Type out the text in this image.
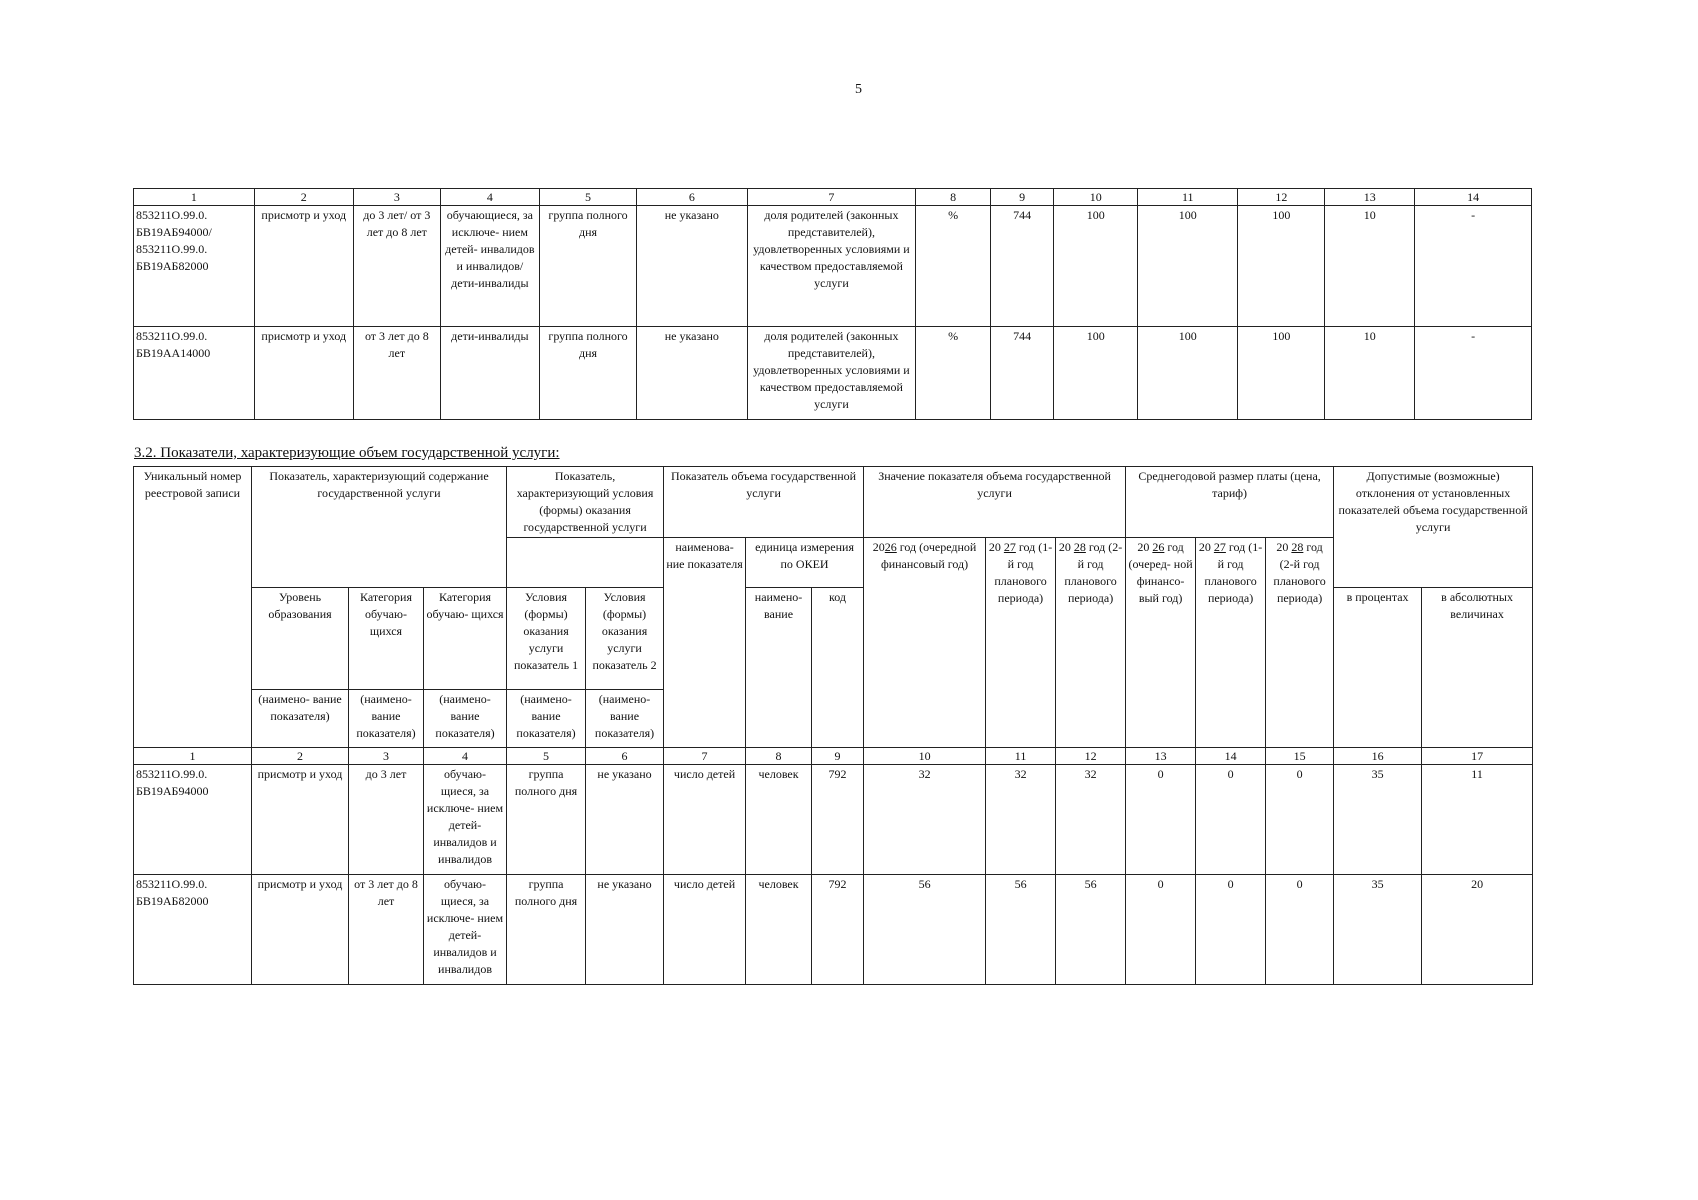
5
1	2	3	4	5	6	7	8	9	10	11	12	13	14
853211О.99.0. БВ19АБ94000/ 853211О.99.0. БВ19АБ82000	присмотр и уход	до 3 лет/ от 3 лет до 8 лет	обучающиеся, за исключе- нием детей- инвалидов и инвалидов/ дети-инвалиды	группа полного дня	не указано	доля родителей (законных представителей), удовлетворенных условиями и качеством предоставляемой услуги	%	744	100	100	100	10	-
853211О.99.0. БВ19АА14000	присмотр и уход	от 3 лет до 8 лет	дети-инвалиды	группа полного дня	не указано	доля родителей (законных представителей), удовлетворенных условиями и качеством предоставляемой услуги	%	744	100	100	100	10	-
3.2. Показатели, характеризующие объем государственной услуги:
Уникальный номер реестровой записи	Показатель, характеризующий содержание государственной услуги			Показатель, характеризующий условия (формы) оказания государственной услуги		Показатель объема государственной услуги			Значение показателя объема государственной услуги			Среднегодовой размер платы (цена, тариф)			Допустимые (возможные) отклонения от установленных показателей объема государственной услуги	
						наименова- ние показателя	единица измерения по ОКЕИ		2026 год (очередной финансовый год)	20 27 год (1-й год планового периода)	20 28 год (2-й год планового периода)	20 26 год (очеред- ной финансо- вый год)	20 27 год (1-й год планового периода)	20 28 год (2-й год планового периода)		
	Уровень образования	Категория обучаю- щихся	Категория обучаю- щихся	Условия (формы) оказания услуги показатель 1	Условия (формы) оказания услуги показатель 2		наимено- вание	код							в процентах	в абсолютных величинах
	(наимено- вание показателя)	(наимено- вание показателя)	(наимено- вание показателя)	(наимено- вание показателя)	(наимено- вание показателя)											
1	2	3	4	5	6	7	8	9	10	11	12	13	14	15	16	17
853211О.99.0. БВ19АБ94000	присмотр и уход	до 3 лет	обучаю- щиеся, за исключе- нием детей- инвалидов и инвалидов	группа полного дня	не указано	число детей	человек	792	32	32	32	0	0	0	35	11
853211О.99.0. БВ19АБ82000	присмотр и уход	от 3 лет до 8 лет	обучаю- щиеся, за исключе- нием детей- инвалидов и инвалидов	группа полного дня	не указано	число детей	человек	792	56	56	56	0	0	0	35	20
